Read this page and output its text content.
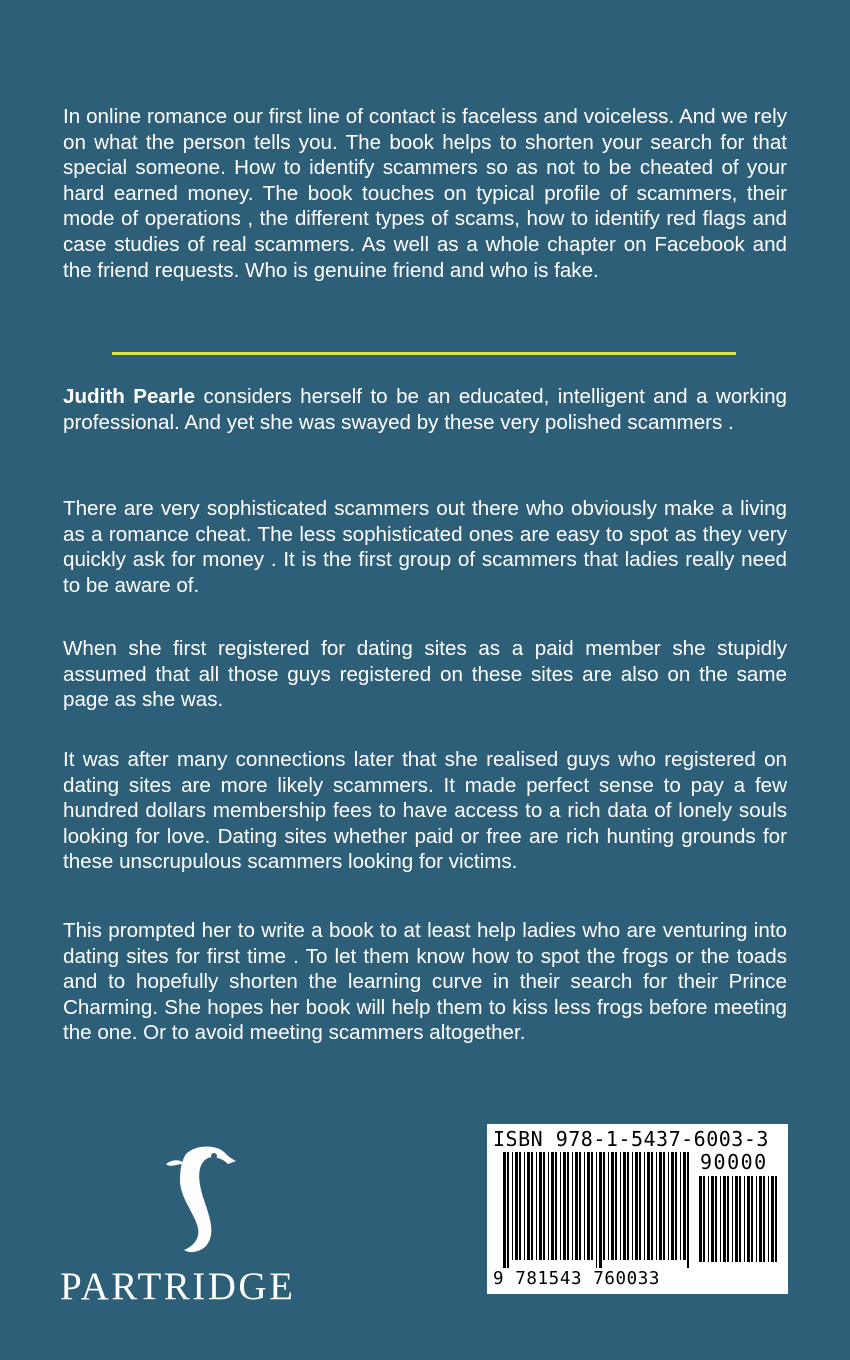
In online romance our first line of contact is faceless and voiceless. And we rely on what the person tells you. The book helps to shorten your search for that special someone. How to identify scammers so as not to be cheated of your hard earned money. The book touches on typical profile of scammers, their mode of operations , the different types of scams, how to identify red flags and case studies of real scammers. As well as a whole chapter on Facebook and the friend requests. Who is genuine friend and who is fake.

Judith Pearle considers herself to be an educated, intelligent and a working professional. And yet she was swayed by these very polished scammers .

There are very sophisticated scammers out there who obviously make a living as a romance cheat. The less sophisticated ones are easy to spot as they very quickly ask for money . It is the first group of scammers that ladies really need to be aware of.

When she first registered for dating sites as a paid member she stupidly assumed that all those guys registered on these sites are also on the same page as she was.

It was after many connections later that she realised guys who registered on dating sites are more likely scammers. It made perfect sense to pay a few hundred dollars membership fees to have access to a rich data of lonely souls looking for love. Dating sites whether paid or free are rich hunting grounds for these unscrupulous scammers looking for victims.

This prompted her to write a book to at least help ladies who are venturing into dating sites for first time . To let them know how to spot the frogs or the toads and to hopefully shorten the learning curve in their search for their Prince Charming. She hopes her book will help them to kiss less frogs before meeting the one. Or to avoid meeting scammers altogether.

PARTRIDGE
ISBN 978-1-5437-6003-3
90000
9 781543 760033
